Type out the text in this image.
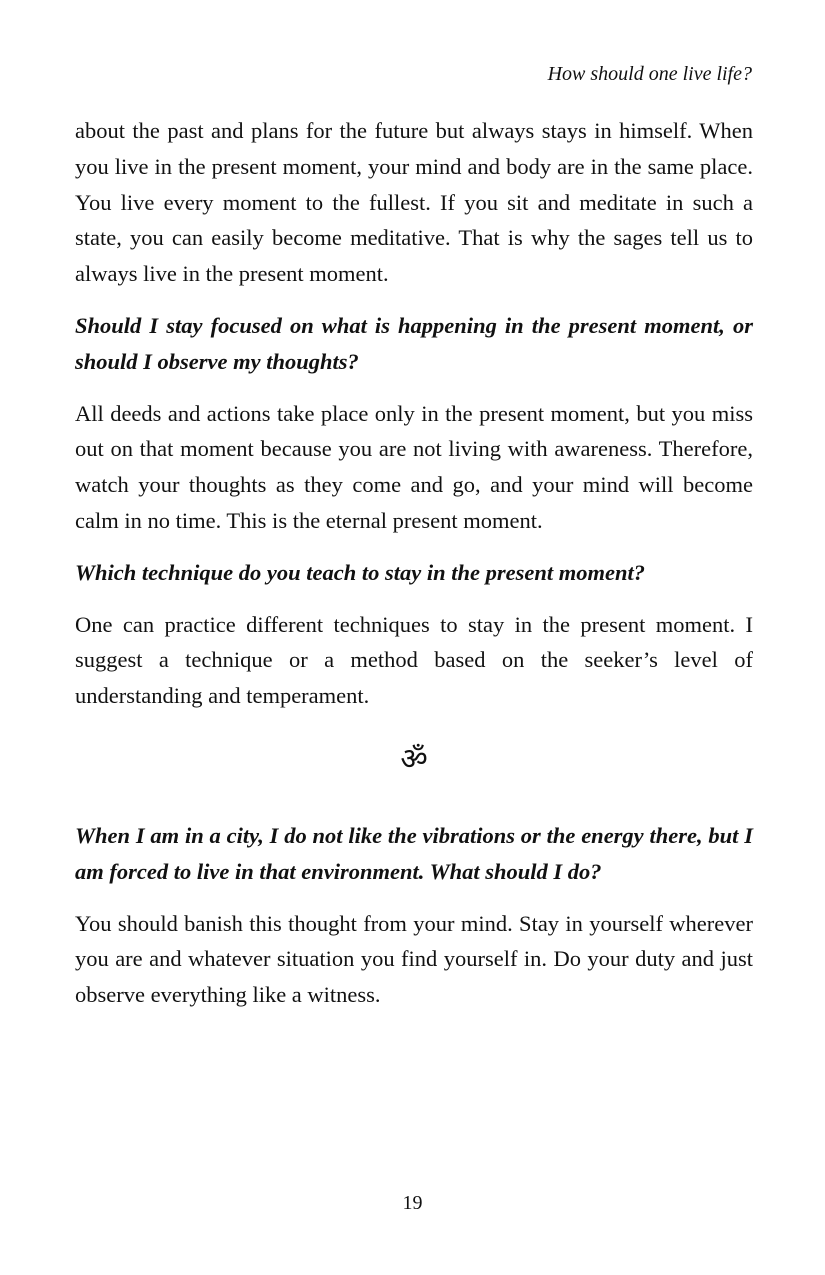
How should one live life?

about the past and plans for the future but always stays in himself. When you live in the present moment, your mind and body are in the same place. You live every moment to the fullest. If you sit and meditate in such a state, you can easily become meditative. That is why the sages tell us to always live in the present moment.

Should I stay focused on what is happening in the present moment, or should I observe my thoughts?

All deeds and actions take place only in the present moment, but you miss out on that moment because you are not living with awareness. Therefore, watch your thoughts as they come and go, and your mind will become calm in no time. This is the eternal present moment.

Which technique do you teach to stay in the present moment?

One can practice different techniques to stay in the present moment. I suggest a technique or a method based on the seeker’s level of understanding and temperament.

ॐ

When I am in a city, I do not like the vibrations or the energy there, but I am forced to live in that environment. What should I do?

You should banish this thought from your mind. Stay in yourself wherever you are and whatever situation you find yourself in. Do your duty and just observe everything like a witness.

19
